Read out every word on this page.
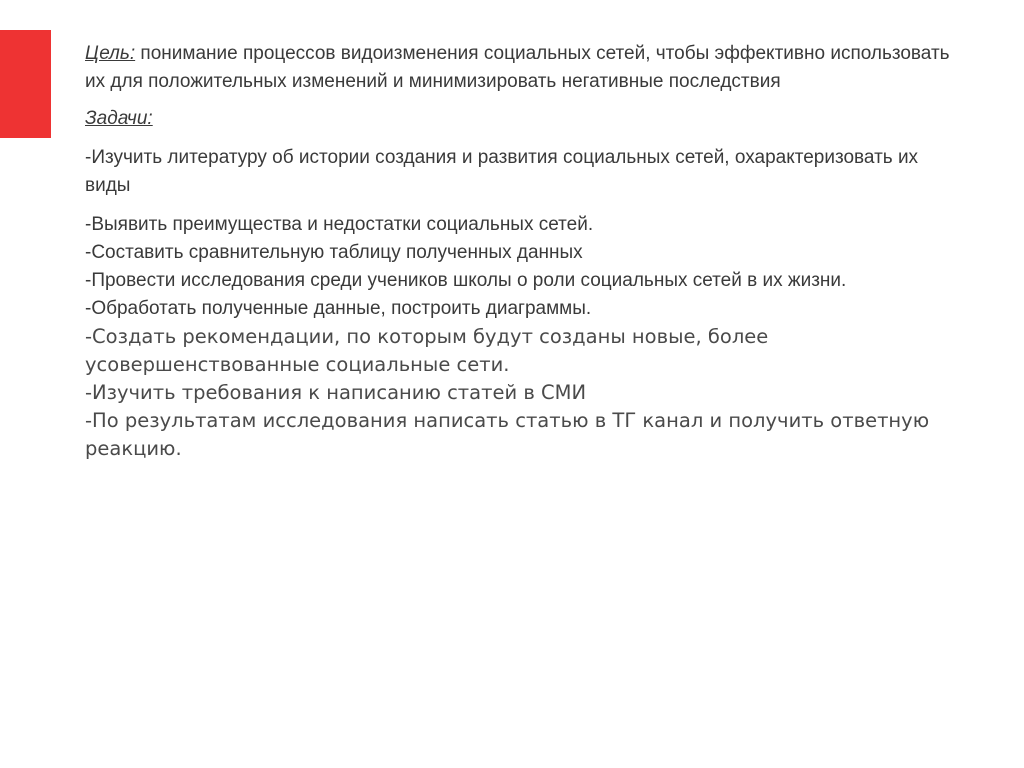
Цель: понимание процессов видоизменения социальных сетей, чтобы эффективно использовать их для положительных изменений и минимизировать негативные последствия

Задачи:

-Изучить литературу об истории создания и развития социальных сетей, охарактеризовать их виды

-Выявить преимущества и недостатки социальных сетей.
-Составить сравнительную таблицу полученных данных
-Провести исследования среди учеников школы о роли социальных сетей в их жизни.
-Обработать полученные данные, построить диаграммы.
-Создать рекомендации, по которым будут созданы новые, более усовершенствованные социальные сети.
-Изучить требования к написанию статей в СМИ
-По результатам исследования написать статью в ТГ канал и получить ответную реакцию.
